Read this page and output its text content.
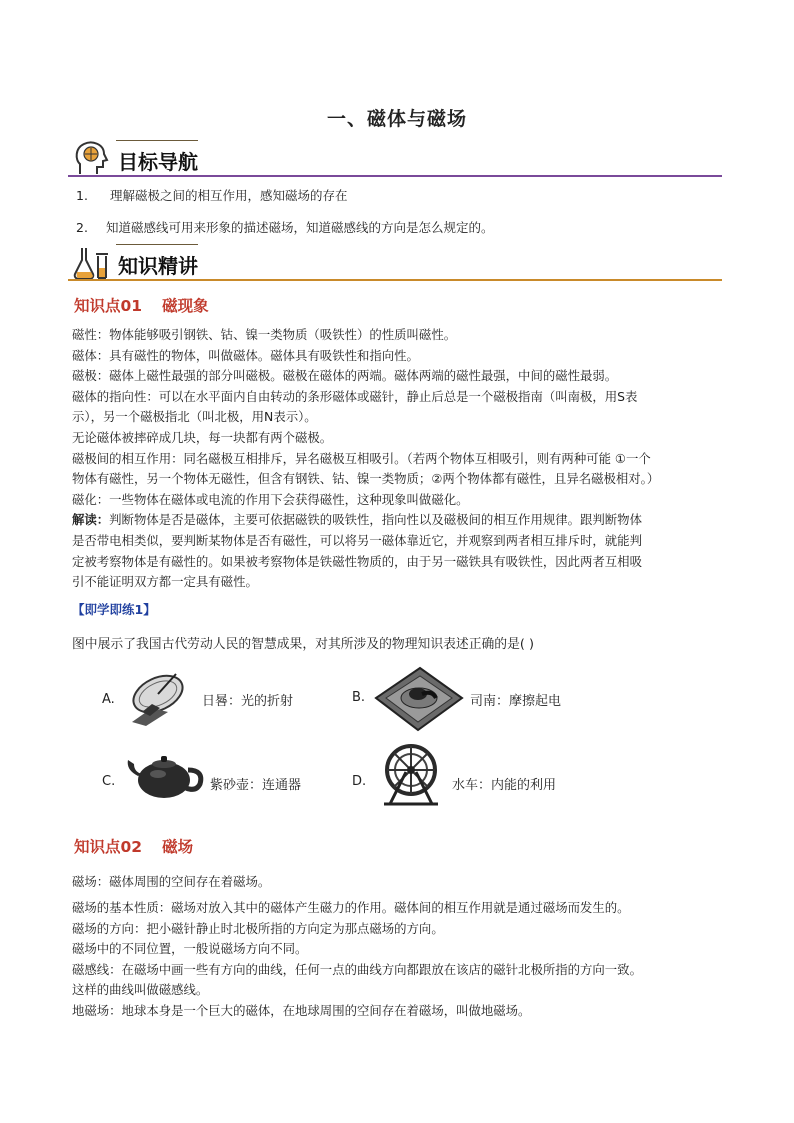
一、磁体与磁场
目标导航
1. 理解磁极之间的相互作用，感知磁场的存在
2. 知道磁感线可用来形象的描述磁场，知道磁感线的方向是怎么规定的。
知识精讲
知识点01 磁现象

磁性：物体能够吸引钢铁、钴、镍一类物质（吸铁性）的性质叫磁性。

磁体：具有磁性的物体，叫做磁体。磁体具有吸铁性和指向性。

磁极：磁体上磁性最强的部分叫磁极。磁极在磁体的两端。磁体两端的磁性最强，中间的磁性最弱。

磁体的指向性：可以在水平面内自由转动的条形磁体或磁针，静止后总是一个磁极指南（叫南极，用S表

示），另一个磁极指北（叫北极，用N表示）。

无论磁体被摔碎成几块，每一块都有两个磁极。

磁极间的相互作用：同名磁极互相排斥，异名磁极互相吸引。（若两个物体互相吸引，则有两种可能 ①一个

物体有磁性，另一个物体无磁性，但含有钢铁、钴、镍一类物质；②两个物体都有磁性，且异名磁极相对。）

磁化：一些物体在磁体或电流的作用下会获得磁性，这种现象叫做磁化。

解读：判断物体是否是磁体，主要可依据磁铁的吸铁性，指向性以及磁极间的相互作用规律。跟判断物体

是否带电相类似，要判断某物体是否有磁性，可以将另一磁体靠近它，并观察到两者相互排斥时，就能判

定被考察物体是有磁性的。如果被考察物体是铁磁性物质的，由于另一磁铁具有吸铁性，因此两者互相吸

引不能证明双方都一定具有磁性。

【即学即练1】
图中展示了我国古代劳动人民的智慧成果，对其所涉及的物理知识表述正确的是( )
A.	日晷：光的折射	B.	司南：摩擦起电
C.	紫砂壶：连通器	D.	水车：内能的利用
知识点02 磁场

磁场：磁体周围的空间存在着磁场。

磁场的基本性质：磁场对放入其中的磁体产生磁力的作用。磁体间的相互作用就是通过磁场而发生的。

磁场的方向：把小磁针静止时北极所指的方向定为那点磁场的方向。

磁场中的不同位置，一般说磁场方向不同。

磁感线：在磁场中画一些有方向的曲线，任何一点的曲线方向都跟放在该店的磁针北极所指的方向一致。

这样的曲线叫做磁感线。

地磁场：地球本身是一个巨大的磁体，在地球周围的空间存在着磁场，叫做地磁场。
